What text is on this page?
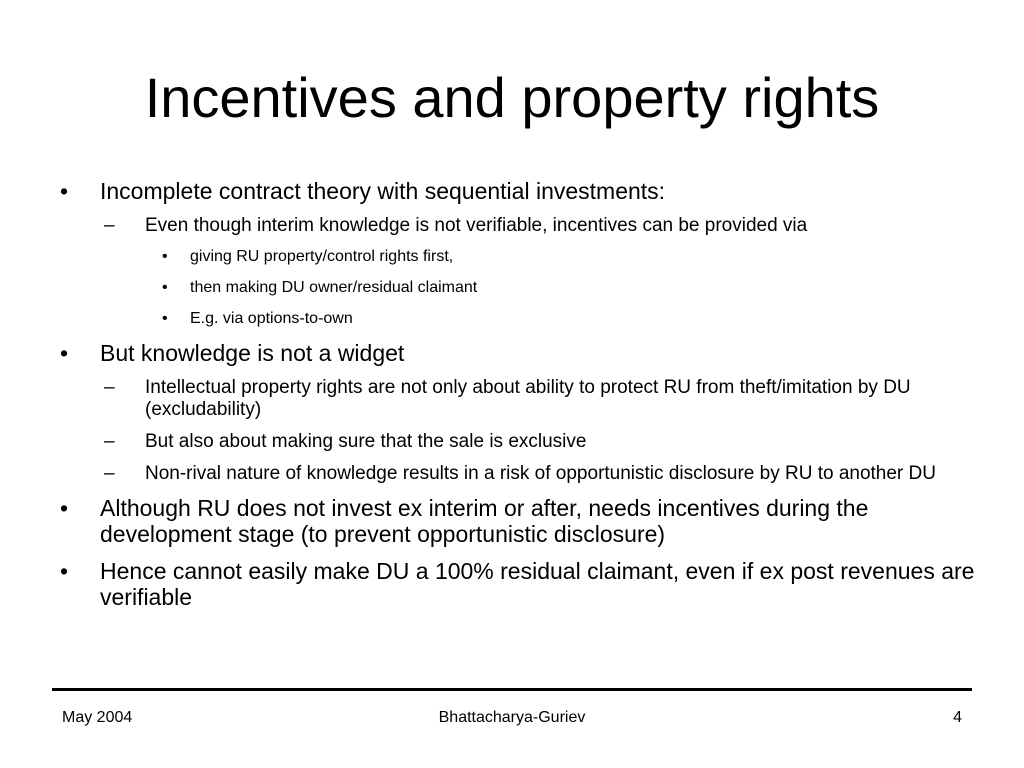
Incentives and property rights
•	Incomplete contract theory with sequential investments:
– Even though interim knowledge is not verifiable, incentives can be provided via
• giving RU property/control rights first,
• then making DU owner/residual claimant
• E.g. via options-to-own
•	But knowledge is not a widget
– Intellectual property rights are not only about ability to protect RU from theft/imitation by DU (excludability)
– But also about making sure that the sale is exclusive
– Non-rival nature of knowledge results in a risk of opportunistic disclosure by RU to another DU
•	Although RU does not invest ex interim or after, needs incentives during the development stage (to prevent opportunistic disclosure)
•	Hence cannot easily make DU a 100% residual claimant, even if ex post revenues are verifiable
May 2004	Bhattacharya-Guriev	4
